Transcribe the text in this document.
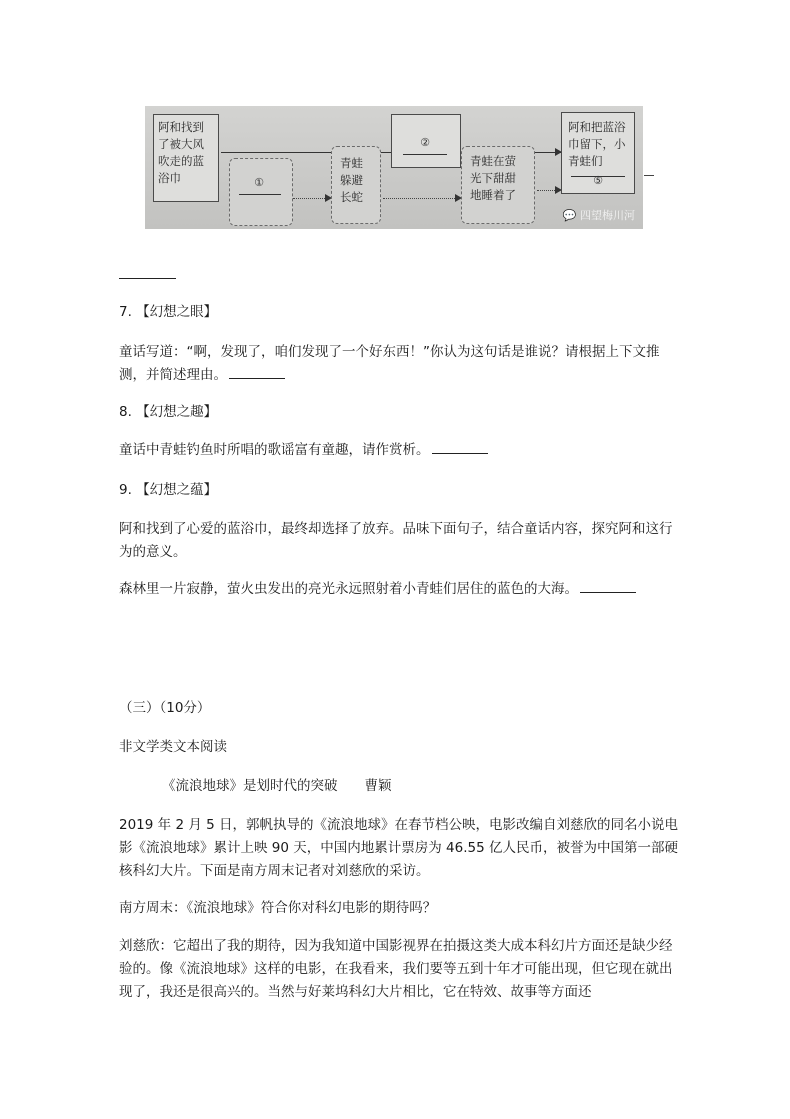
阿和找到了被大风吹走的蓝浴巾	①
青蛙躲避长蛇
②
青蛙在萤光下甜甜地睡着了
阿和把蓝浴巾留下，小青蛙们
⑤
💬 四望梅川河

7. 【幻想之眼】

童话写道：“啊，发现了，咱们发现了一个好东西！”你认为这句话是谁说？请根据上下文推测，并简述理由。

8. 【幻想之趣】

童话中青蛙钓鱼时所唱的歌谣富有童趣，请作赏析。

9. 【幻想之蕴】

阿和找到了心爱的蓝浴巾，最终却选择了放弃。品味下面句子，结合童话内容，探究阿和这行为的意义。

森林里一片寂静，萤火虫发出的亮光永远照射着小青蛙们居住的蓝色的大海。

（三）（10分）

非文学类文本阅读

《流浪地球》是划时代的突破　　曹颖

2019 年 2 月 5 日，郭帆执导的《流浪地球》在春节档公映，电影改编自刘慈欣的同名小说电影《流浪地球》累计上映 90 天，中国内地累计票房为 46.55 亿人民币，被誉为中国第一部硬核科幻大片。下面是南方周末记者对刘慈欣的采访。

南方周末：《流浪地球》符合你对科幻电影的期待吗？

刘慈欣：它超出了我的期待，因为我知道中国影视界在拍摄这类大成本科幻片方面还是缺少经验的。像《流浪地球》这样的电影，在我看来，我们要等五到十年才可能出现，但它现在就出现了，我还是很高兴的。当然与好莱坞科幻大片相比，它在特效、故事等方面还
